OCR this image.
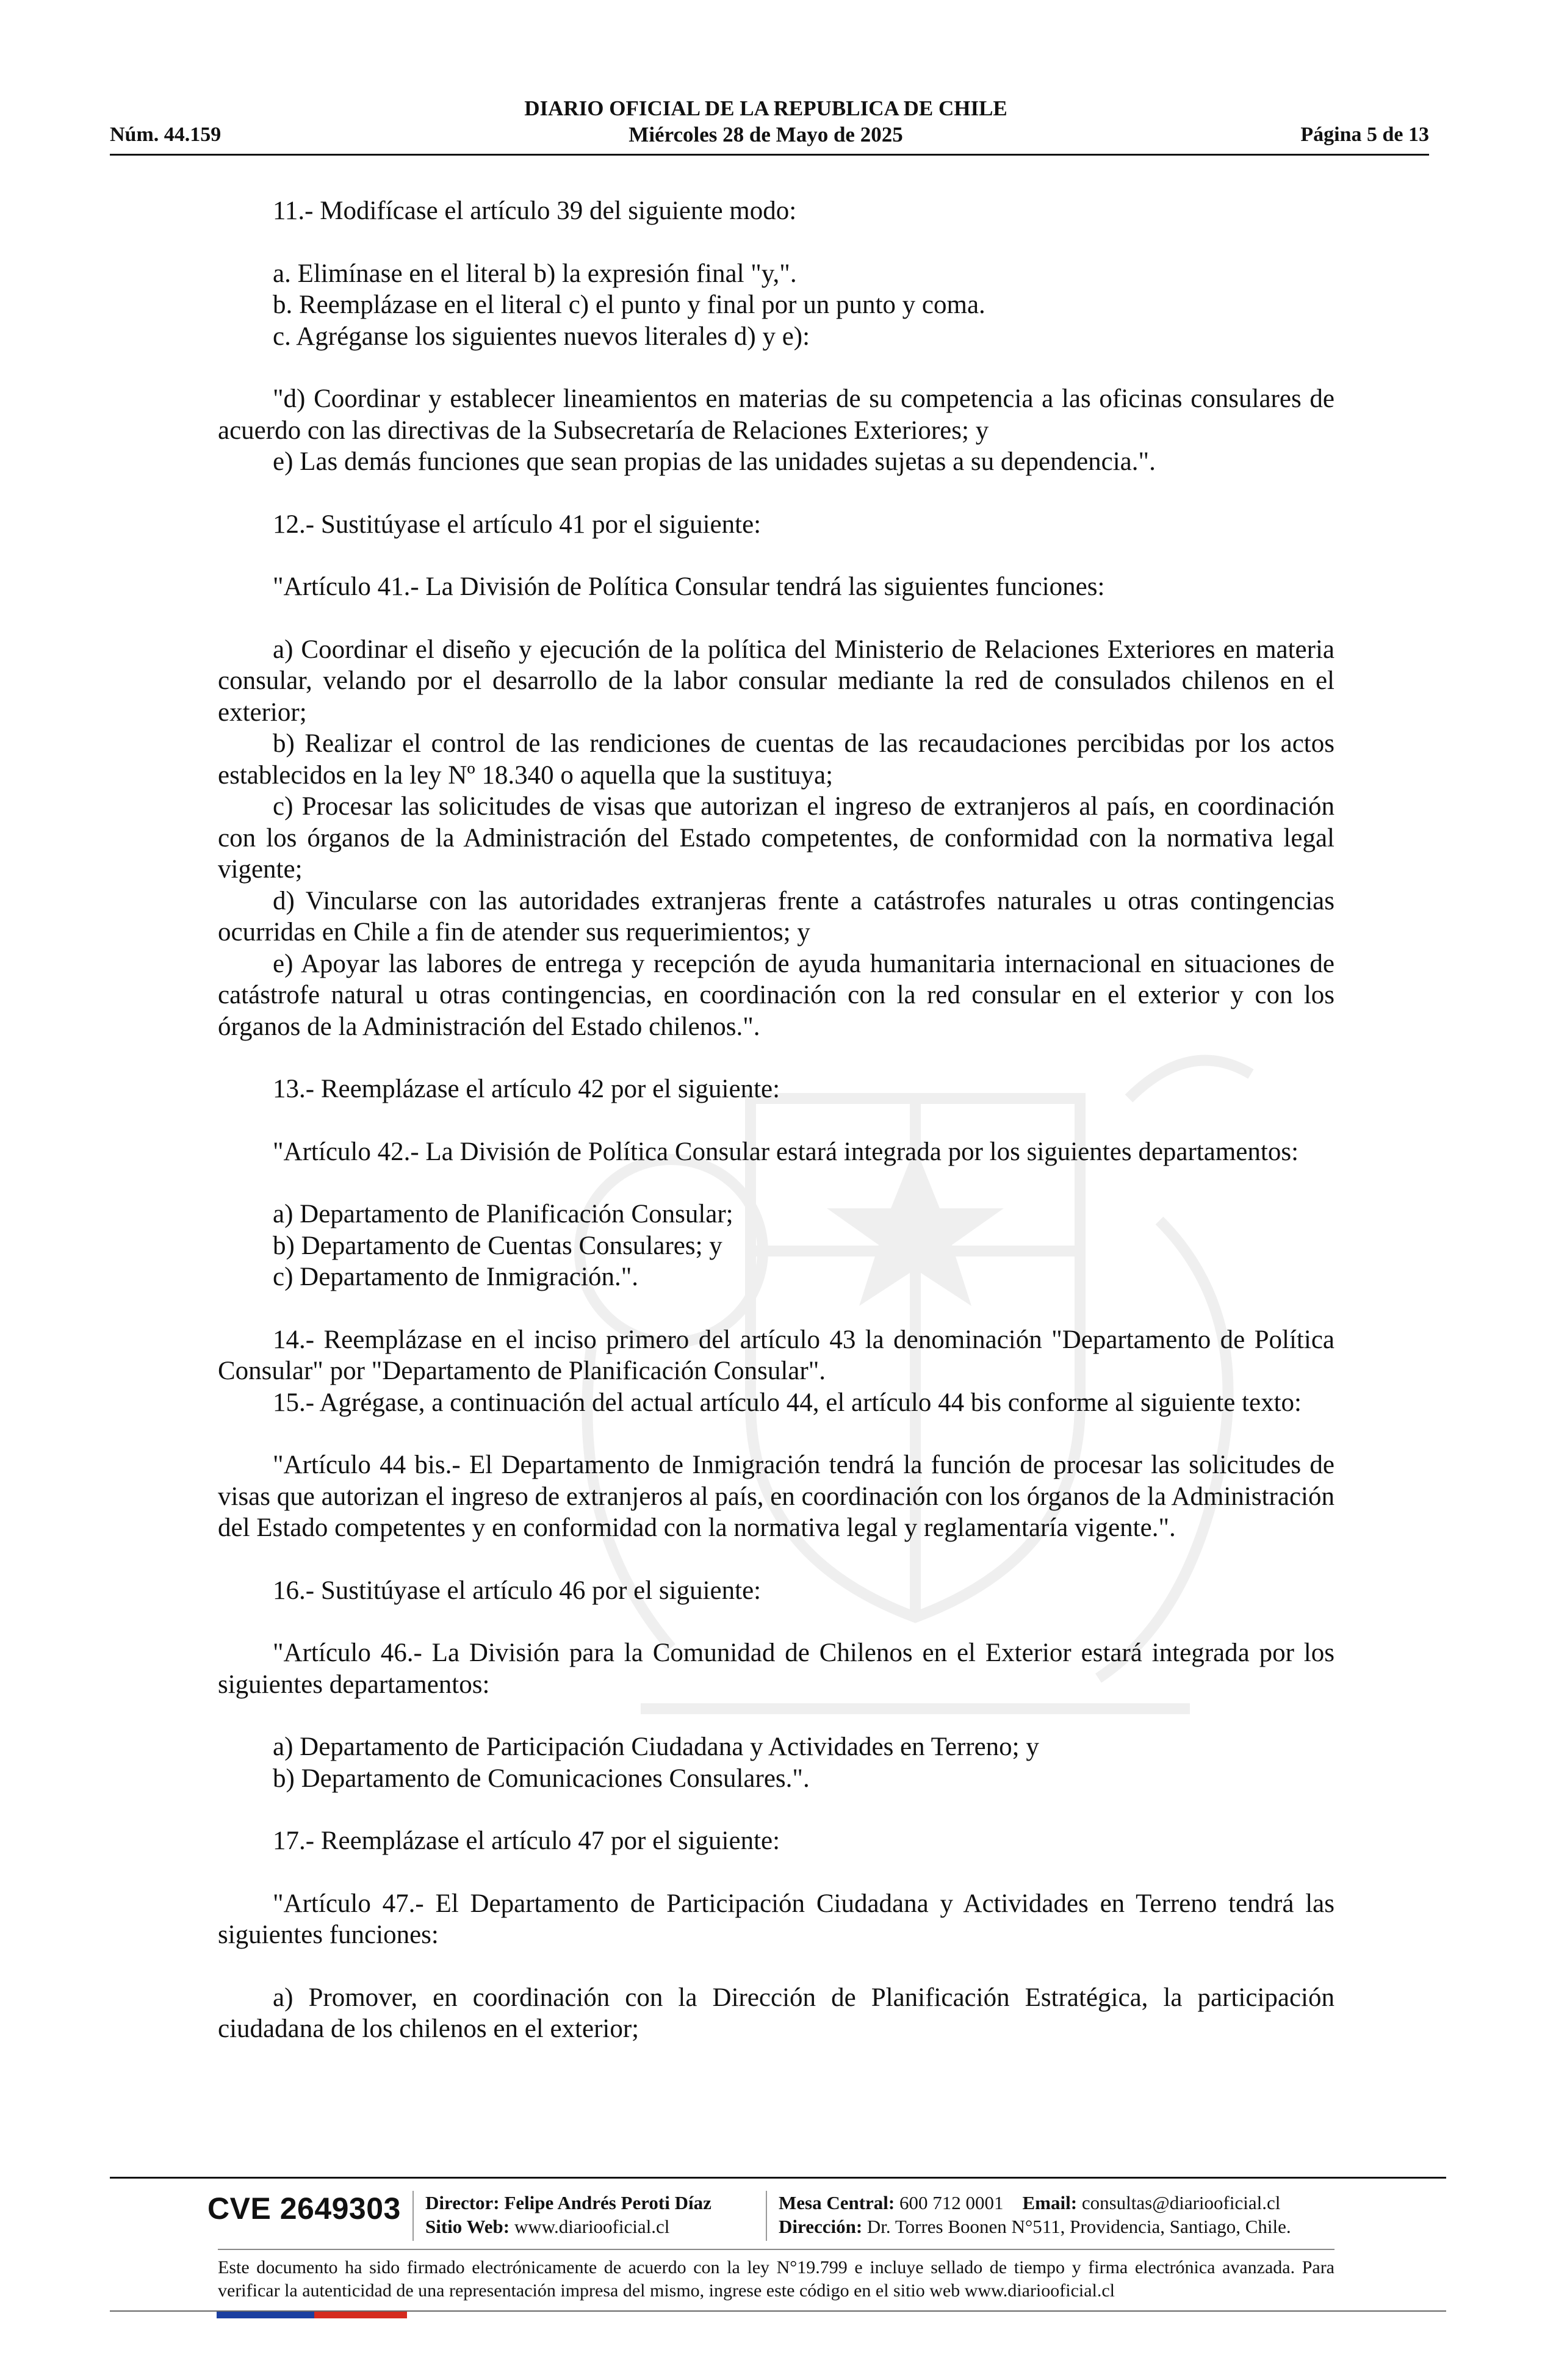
Núm. 44.159
DIARIO OFICIAL DE LA REPUBLICA DE CHILE
Miércoles 28 de Mayo de 2025	Página 5 de 13

11.- Modifícase el artículo 39 del siguiente modo:

a. Elimínase en el literal b) la expresión final "y,".

b. Reemplázase en el literal c) el punto y final por un punto y coma.

c. Agréganse los siguientes nuevos literales d) y e):

"d) Coordinar y establecer lineamientos en materias de su competencia a las oficinas consulares de acuerdo con las directivas de la Subsecretaría de Relaciones Exteriores; y

e) Las demás funciones que sean propias de las unidades sujetas a su dependencia.".

12.- Sustitúyase el artículo 41 por el siguiente:

"Artículo 41.- La División de Política Consular tendrá las siguientes funciones:

a) Coordinar el diseño y ejecución de la política del Ministerio de Relaciones Exteriores en materia consular, velando por el desarrollo de la labor consular mediante la red de consulados chilenos en el exterior;

b) Realizar el control de las rendiciones de cuentas de las recaudaciones percibidas por los actos establecidos en la ley Nº 18.340 o aquella que la sustituya;

c) Procesar las solicitudes de visas que autorizan el ingreso de extranjeros al país, en coordinación con los órganos de la Administración del Estado competentes, de conformidad con la normativa legal vigente;

d) Vincularse con las autoridades extranjeras frente a catástrofes naturales u otras contingencias ocurridas en Chile a fin de atender sus requerimientos; y

e) Apoyar las labores de entrega y recepción de ayuda humanitaria internacional en situaciones de catástrofe natural u otras contingencias, en coordinación con la red consular en el exterior y con los órganos de la Administración del Estado chilenos.".

13.- Reemplázase el artículo 42 por el siguiente:

"Artículo 42.- La División de Política Consular estará integrada por los siguientes departamentos:

a) Departamento de Planificación Consular;

b) Departamento de Cuentas Consulares; y

c) Departamento de Inmigración.".

14.- Reemplázase en el inciso primero del artículo 43 la denominación "Departamento de Política Consular" por "Departamento de Planificación Consular".

15.- Agrégase, a continuación del actual artículo 44, el artículo 44 bis conforme al siguiente texto:

"Artículo 44 bis.- El Departamento de Inmigración tendrá la función de procesar las solicitudes de visas que autorizan el ingreso de extranjeros al país, en coordinación con los órganos de la Administración del Estado competentes y en conformidad con la normativa legal y reglamentaría vigente.".

16.- Sustitúyase el artículo 46 por el siguiente:

"Artículo 46.- La División para la Comunidad de Chilenos en el Exterior estará integrada por los siguientes departamentos:

a) Departamento de Participación Ciudadana y Actividades en Terreno; y

b) Departamento de Comunicaciones Consulares.".

17.- Reemplázase el artículo 47 por el siguiente:

"Artículo 47.- El Departamento de Participación Ciudadana y Actividades en Terreno tendrá las siguientes funciones:

a) Promover, en coordinación con la Dirección de Planificación Estratégica, la participación ciudadana de los chilenos en el exterior;

CVE 2649303 Director: Felipe Andrés Peroti Díaz
Sitio Web: www.diariooficial.cl
Mesa Central: 600 712 0001 Email: consultas@diariooficial.cl
Dirección: Dr. Torres Boonen N°511, Providencia, Santiago, Chile.
Este documento ha sido firmado electrónicamente de acuerdo con la ley N°19.799 e incluye sellado de tiempo y firma electrónica avanzada. Para verificar la autenticidad de una representación impresa del mismo, ingrese este código en el sitio web www.diariooficial.cl
